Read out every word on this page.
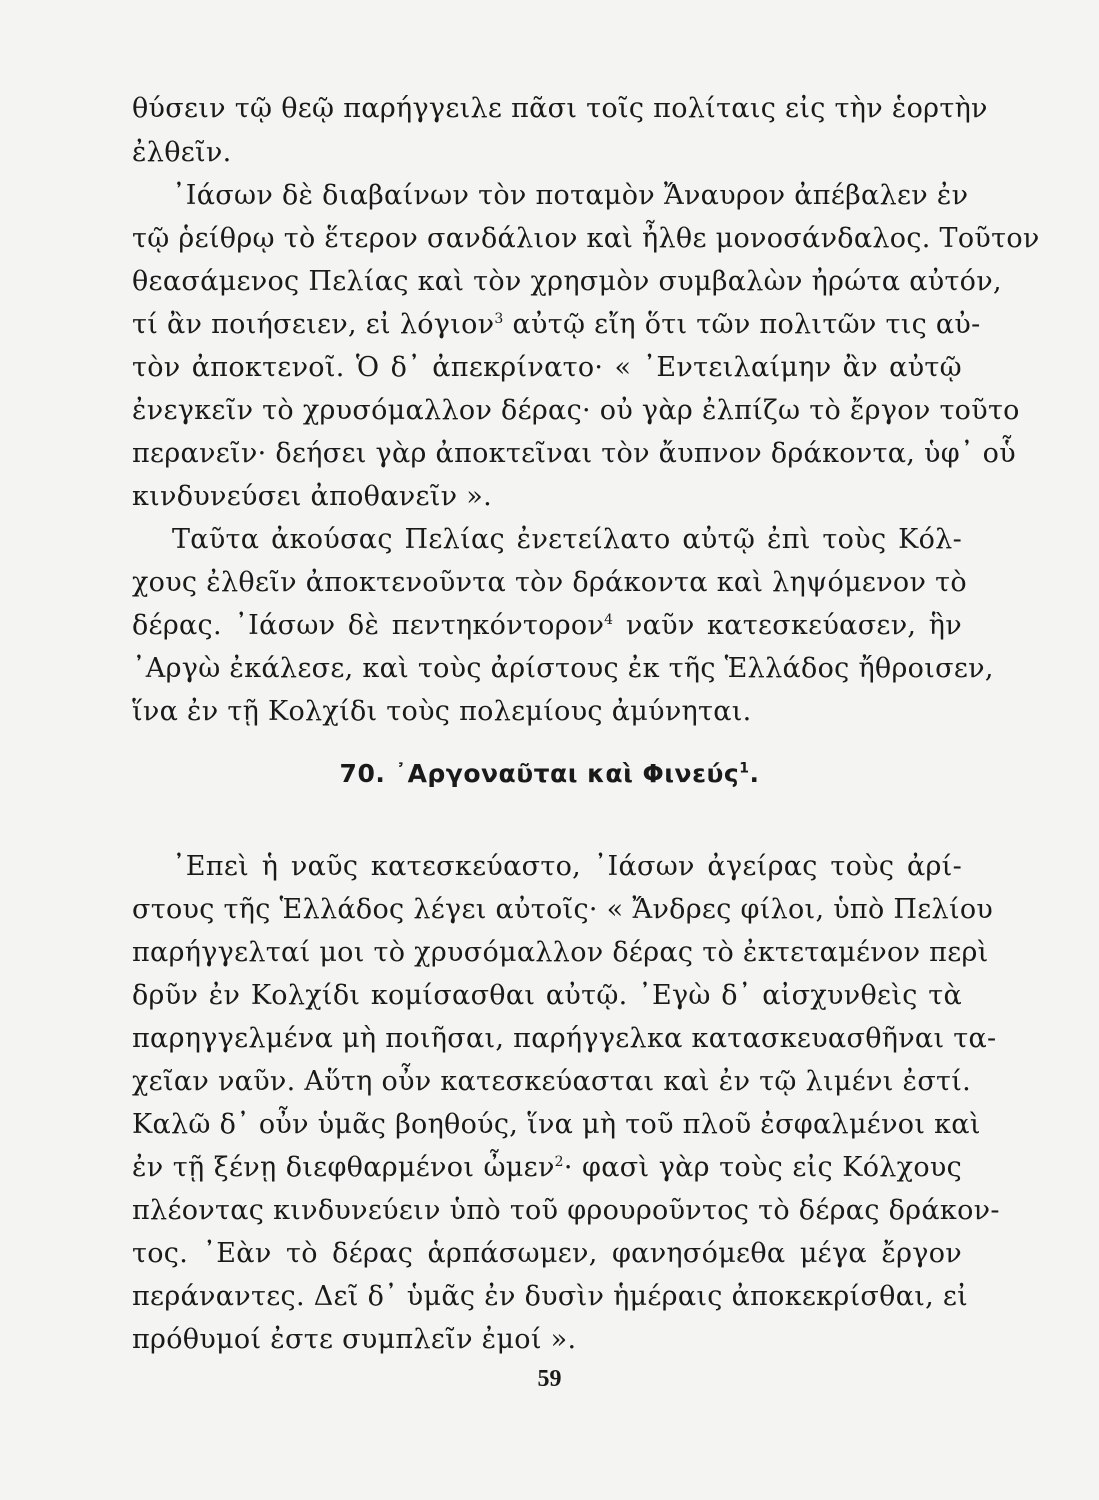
θύσειν τῷ θεῷ παρήγγειλε πᾶσι τοῖς πολίταις εἰς τὴν ἑορτὴν
ἐλθεῖν.
᾿Ιάσων δὲ διαβαίνων τὸν ποταμὸν Ἄναυρον ἀπέβαλεν ἐν
τῷ ῥείθρῳ τὸ ἕτερον σανδάλιον καὶ ἦλθε μονοσάνδαλος. Τοῦτον
θεασάμενος Πελίας καὶ τὸν χρησμὸν συμβαλὼν ἠρώτα αὐτόν,
τί ἂν ποιήσειεν, εἰ λόγιον$^3$ αὐτῷ εἴη ὅτι τῶν πολιτῶν τις αὐ-
τὸν ἀποκτενοῖ. Ὁ δ᾿ ἀπεκρίνατο· « ᾿Εντειλαίμην ἂν αὐτῷ
ἐνεγκεῖν τὸ χρυσόμαλλον δέρας· οὐ γὰρ ἐλπίζω τὸ ἔργον τοῦτο
περανεῖν· δεήσει γὰρ ἀποκτεῖναι τὸν ἄυπνον δράκοντα, ὑφ᾿ οὗ
κινδυνεύσει ἀποθανεῖν ».
Ταῦτα ἀκούσας Πελίας ἐνετείλατο αὐτῷ ἐπὶ τοὺς Κόλ-
χους ἐλθεῖν ἀποκτενοῦντα τὸν δράκοντα καὶ ληψόμενον τὸ
δέρας. ᾿Ιάσων δὲ πεντηκόντορον$^4$ ναῦν κατεσκεύασεν, ἣν
᾿Αργὼ ἐκάλεσε, καὶ τοὺς ἀρίστους ἐκ τῆς Ἑλλάδος ἤθροισεν,
ἵνα ἐν τῇ Κολχίδι τοὺς πολεμίους ἀμύνηται.
70. ᾿Αργοναῦται καὶ Φινεύς$^1$.
᾿Επεὶ ἡ ναῦς κατεσκεύαστο, ᾿Ιάσων ἀγείρας τοὺς ἀρί-
στους τῆς Ἑλλάδος λέγει αὐτοῖς· « Ἄνδρες φίλοι, ὑπὸ Πελίου
παρήγγελταί μοι τὸ χρυσόμαλλον δέρας τὸ ἐκτεταμένον περὶ
δρῦν ἐν Κολχίδι κομίσασθαι αὐτῷ. ᾿Εγὼ δ᾿ αἰσχυνθεὶς τὰ
παρηγγελμένα μὴ ποιῆσαι, παρήγγελκα κατασκευασθῆναι τα-
χεῖαν ναῦν. Αὕτη οὖν κατεσκεύασται καὶ ἐν τῷ λιμένι ἐστί.
Καλῶ δ᾿ οὖν ὑμᾶς βοηθούς, ἵνα μὴ τοῦ πλοῦ ἐσφαλμένοι καὶ
ἐν τῇ ξένῃ διεφθαρμένοι ὦμεν$^2$· φασὶ γὰρ τοὺς εἰς Κόλχους
πλέοντας κινδυνεύειν ὑπὸ τοῦ φρουροῦντος τὸ δέρας δράκον-
τος. ᾿Εὰν τὸ δέρας ἁρπάσωμεν, φανησόμεθα μέγα ἔργον
περάναντες. Δεῖ δ᾿ ὑμᾶς ἐν δυσὶν ἡμέραις ἀποκεκρίσθαι, εἰ
πρόθυμοί ἐστε συμπλεῖν ἐμοί ».
59
